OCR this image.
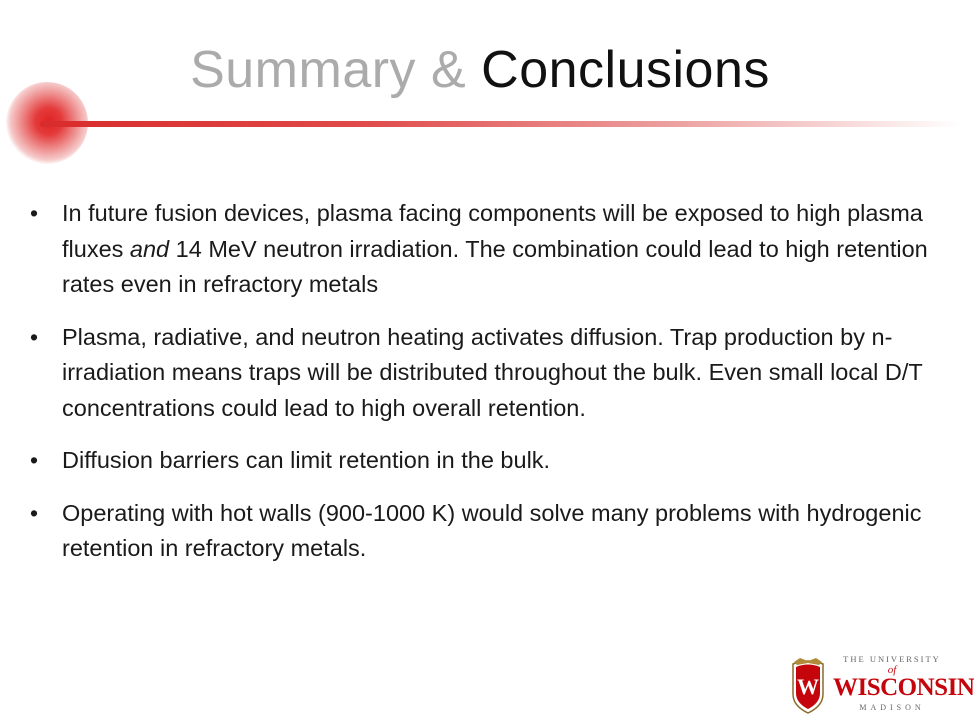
Summary & Conclusions
• In future fusion devices, plasma facing components will be exposed to high plasma fluxes and 14 MeV neutron irradiation. The combination could lead to high retention rates even in refractory metals
• Plasma, radiative, and neutron heating activates diffusion. Trap production by n-irradiation means traps will be distributed throughout the bulk. Even small local D/T concentrations could lead to high overall retention.
• Diffusion barriers can limit retention in the bulk.
• Operating with hot walls (900-1000 K) would solve many problems with hydrogenic retention in refractory metals.
W
THE UNIVERSITY
of
WISCONSIN
MADISON
